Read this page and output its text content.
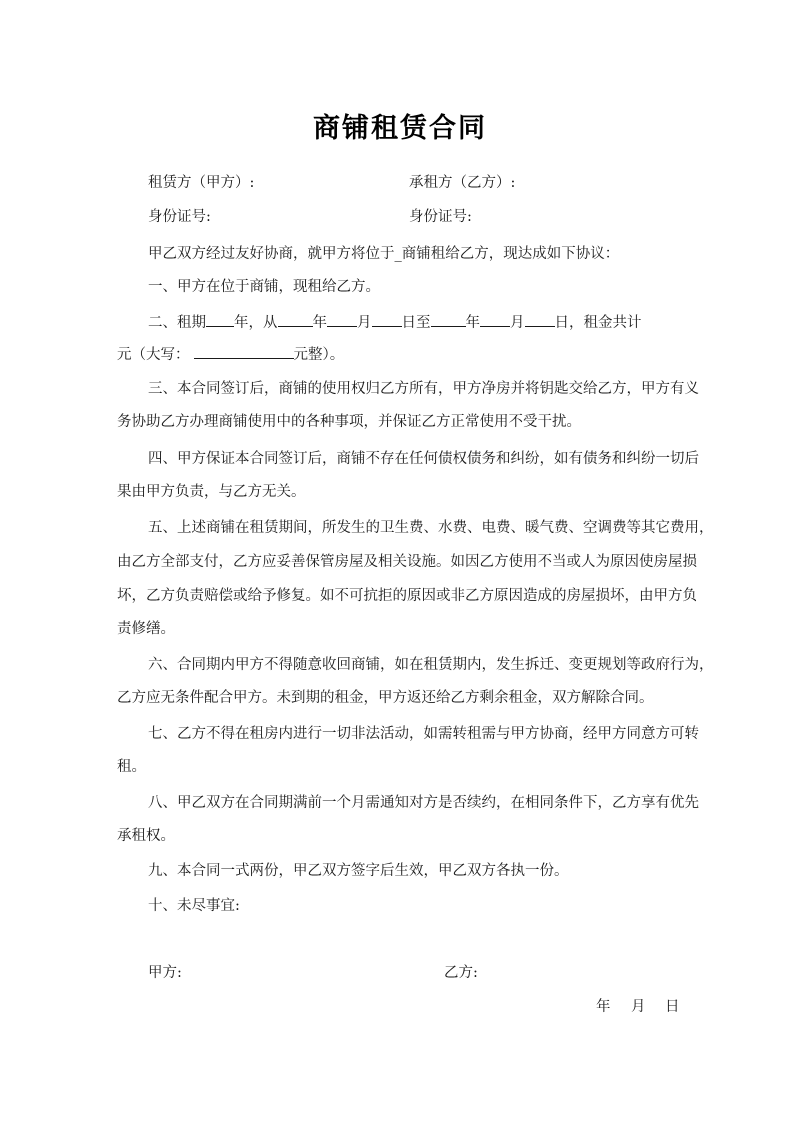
商铺租赁合同
租赁方（甲方）:	承租方（乙方）:
身份证号:	身份证号:
甲乙双方经过友好协商，就甲方将位于_商铺租给乙方，现达成如下协议：
一、甲方在位于商铺，现租给乙方。
二、租期 年，从 年 月 日至 年 月 日，租金共计
元（大写：	元整）。
三、本合同签订后，商铺的使用权归乙方所有，甲方净房并将钥匙交给乙方，甲方有义
务协助乙方办理商铺使用中的各种事项，并保证乙方正常使用不受干扰。
四、甲方保证本合同签订后，商铺不存在任何债权债务和纠纷，如有债务和纠纷一切后
果由甲方负责，与乙方无关。
五、上述商铺在租赁期间，所发生的卫生费、水费、电费、暖气费、空调费等其它费用，
由乙方全部支付，乙方应妥善保管房屋及相关设施。如因乙方使用不当或人为原因使房屋损
坏，乙方负责赔偿或给予修复。如不可抗拒的原因或非乙方原因造成的房屋损坏，由甲方负
责修缮。
六、合同期内甲方不得随意收回商铺，如在租赁期内，发生拆迁、变更规划等政府行为，
乙方应无条件配合甲方。未到期的租金，甲方返还给乙方剩余租金，双方解除合同。
七、乙方不得在租房内进行一切非法活动，如需转租需与甲方协商，经甲方同意方可转
租。
八、甲乙双方在合同期满前一个月需通知对方是否续约，在相同条件下，乙方享有优先
承租权。
九、本合同一式两份，甲乙双方签字后生效，甲乙双方各执一份。
十、未尽事宜:
甲方:	乙方:
年 月 日
